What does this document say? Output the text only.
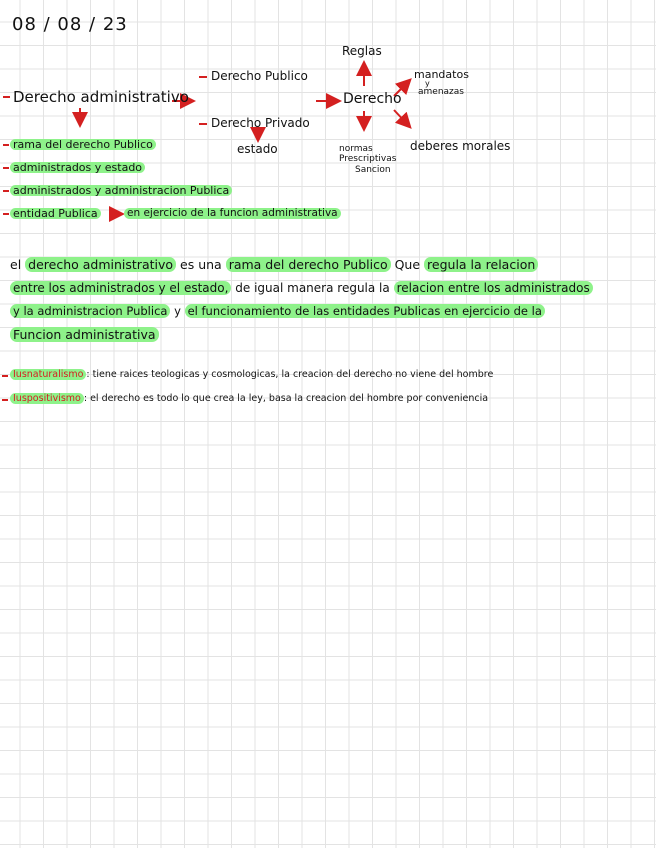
08 / 08 / 23
Derecho administrativo
Derecho Publico
Derecho Privado
estado
Derecho
Reglas
mandatos
y
amenazas
normas
Prescriptivas
Sancion
deberes morales
rama del derecho Publico
administrados y estado
administrados y administracion Publica
entidad Publica	en ejercicio de la funcion administrativa
el derecho administrativo es una rama del derecho Publico Que regula la relacion
entre los administrados y el estado, de igual manera regula la relacion entre los administrados
y la administracion Publica y el funcionamiento de las entidades Publicas en ejercicio de la
Funcion administrativa
Iusnaturalismo : tiene raices teologicas y cosmologicas, la creacion del derecho no viene del hombre
Iuspositivismo : el derecho es todo lo que crea la ley, basa la creacion del hombre por conveniencia
